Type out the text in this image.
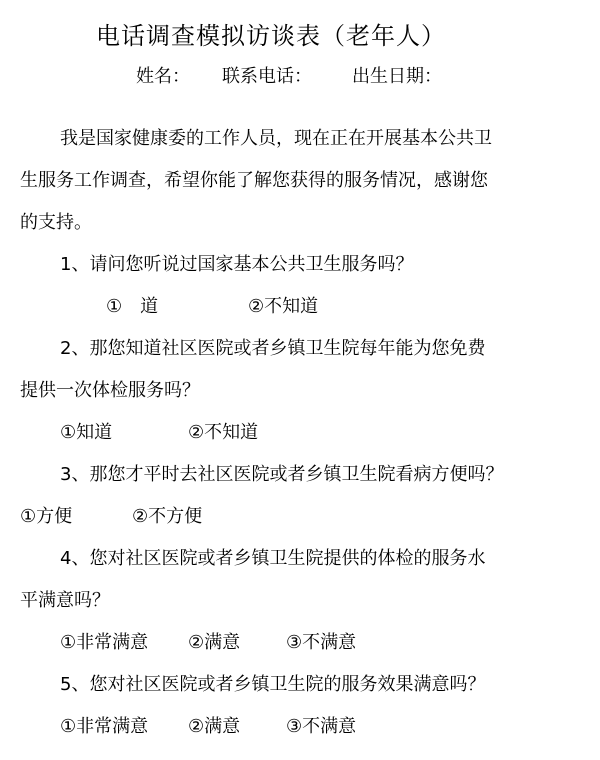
电话调查模拟访谈表（老年人）
姓名： 联系电话： 出生日期：
我是国家健康委的工作人员，现在正在开展基本公共卫
生服务工作调查，希望你能了解您获得的服务情况，感谢您
的支持。
1、请问您听说过国家基本公共卫生服务吗？
①　道	②不知道
2、那您知道社区医院或者乡镇卫生院每年能为您免费
提供一次体检服务吗？
①知道	②不知道
3、那您才平时去社区医院或者乡镇卫生院看病方便吗？
①方便	②不方便
4、您对社区医院或者乡镇卫生院提供的体检的服务水
平满意吗？
①非常满意 ②满意	③不满意
5、您对社区医院或者乡镇卫生院的服务效果满意吗？
①非常满意 ②满意	③不满意
